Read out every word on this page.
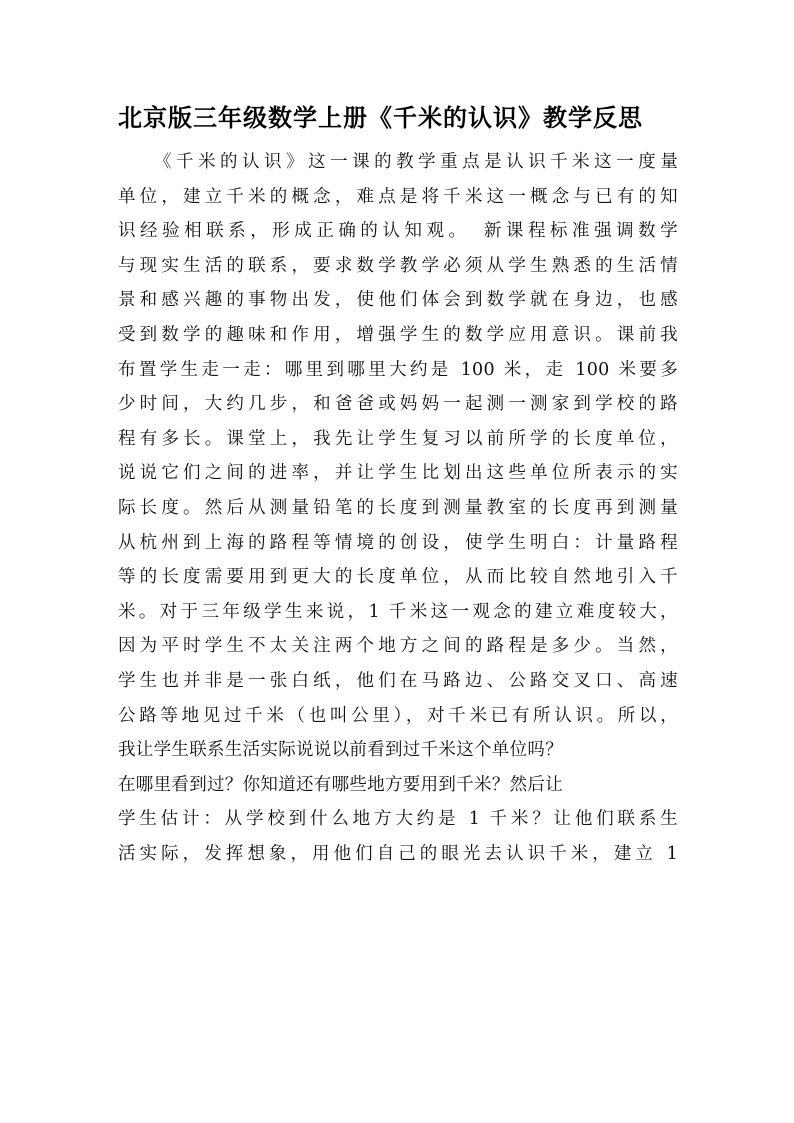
北京版三年级数学上册《千米的认识》教学反思
《千米的认识》这一课的教学重点是认识千米这一度量
单位，建立千米的概念，难点是将千米这一概念与已有的知
识经验相联系，形成正确的认知观。　新课程标准强调数学
与现实生活的联系，要求数学教学必须从学生熟悉的生活情
景和感兴趣的事物出发，使他们体会到数学就在身边，也感
受到数学的趣味和作用，增强学生的数学应用意识。课前我
布置学生走一走：哪里到哪里大约是 100 米，走 100 米要多
少时间，大约几步，和爸爸或妈妈一起测一测家到学校的路
程有多长。课堂上，我先让学生复习以前所学的长度单位，
说说它们之间的进率，并让学生比划出这些单位所表示的实
际长度。然后从测量铅笔的长度到测量教室的长度再到测量
从杭州到上海的路程等情境的创设，使学生明白：计量路程
等的长度需要用到更大的长度单位，从而比较自然地引入千
米。对于三年级学生来说，1 千米这一观念的建立难度较大，
因为平时学生不太关注两个地方之间的路程是多少。当然，
学生也并非是一张白纸，他们在马路边、公路交叉口、高速
公路等地见过千米（也叫公里），对千米已有所认识。所以，
我让学生联系生活实际说说以前看到过千米这个单位吗？
在哪里看到过？你知道还有哪些地方要用到千米？然后让
学生估计：从学校到什么地方大约是 1 千米？让他们联系生
活实际，发挥想象，用他们自己的眼光去认识千米，建立 1
